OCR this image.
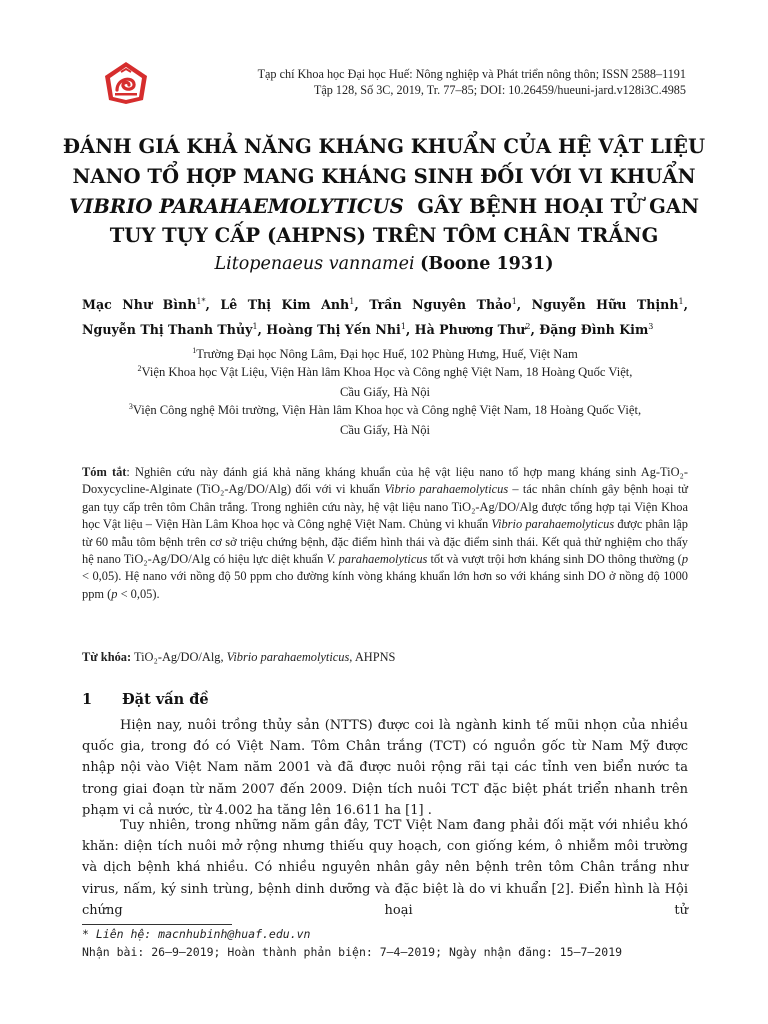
Tạp chí Khoa học Đại học Huế: Nông nghiệp và Phát triển nông thôn; ISSN 2588–1191
Tập 128, Số 3C, 2019, Tr. 77–85; DOI: 10.26459/hueuni-jard.v128i3C.4985
ĐÁNH GIÁ KHẢ NĂNG KHÁNG KHUẨN CỦA HỆ VẬT LIỆU
NANO TỔ HỢP MANG KHÁNG SINH ĐỐI VỚI VI KHUẨN
VIBRIO PARAHAEMOLYTICUS  GÂY BỆNH HOẠI TỬ GAN
TUY TỤY CẤP (AHPNS) TRÊN TÔM CHÂN TRẮNG
Litopenaeus vannamei (Boone 1931)
Mạc Như Bình$^{1*}$, Lê Thị Kim Anh$^1$, Trần Nguyên Thảo$^1$, Nguyễn Hữu Thịnh$^1$,
Nguyễn Thị Thanh Thủy$^1$, Hoàng Thị Yến Nhi$^1$, Hà Phương Thư$^2$, Đặng Đình Kim$^3$
$^1$Trường Đại học Nông Lâm, Đại học Huế, 102 Phùng Hưng, Huế, Việt Nam
$^2$Viện Khoa học Vật Liệu, Viện Hàn lâm Khoa Học và Công nghệ Việt Nam, 18 Hoàng Quốc Việt,
Cầu Giấy, Hà Nội
$^3$Viện Công nghệ Môi trường, Viện Hàn lâm Khoa học và Công nghệ Việt Nam, 18 Hoàng Quốc Việt,
Cầu Giấy, Hà Nội
Tóm tắt: Nghiên cứu này đánh giá khả năng kháng khuẩn của hệ vật liệu nano tổ hợp mang kháng sinh Ag-TiO₂-Doxycycline-Alginate (TiO₂-Ag/DO/Alg) đối với vi khuẩn Vibrio parahaemolyticus – tác nhân chính gây bệnh hoại tử gan tụy cấp trên tôm Chân trắng. Trong nghiên cứu này, hệ vật liệu nano TiO₂-Ag/DO/Alg được tổng hợp tại Viện Khoa học Vật liệu – Viện Hàn Lâm Khoa học và Công nghệ Việt Nam. Chủng vi khuẩn Vibrio parahaemolyticus được phân lập từ 60 mẫu tôm bệnh trên cơ sở triệu chứng bệnh, đặc điểm hình thái và đặc điểm sinh thái. Kết quả thử nghiệm cho thấy hệ nano TiO₂-Ag/DO/Alg có hiệu lực diệt khuẩn V. parahaemolyticus tốt và vượt trội hơn kháng sinh DO thông thường (p < 0,05). Hệ nano với nồng độ 50 ppm cho đường kính vòng kháng khuẩn lớn hơn so với kháng sinh DO ở nồng độ 1000 ppm (p < 0,05).
Từ khóa: TiO₂-Ag/DO/Alg, Vibrio parahaemolyticus, AHPNS
1 Đặt vấn đề
Hiện nay, nuôi trồng thủy sản (NTTS) được coi là ngành kinh tế mũi nhọn của nhiều quốc gia, trong đó có Việt Nam. Tôm Chân trắng (TCT) có nguồn gốc từ Nam Mỹ được nhập nội vào Việt Nam năm 2001 và đã được nuôi rộng rãi tại các tỉnh ven biển nước ta trong giai đoạn từ năm 2007 đến 2009. Diện tích nuôi TCT đặc biệt phát triển nhanh trên phạm vi cả nước, từ 4.002 ha tăng lên 16.611 ha [1] .
Tuy nhiên, trong những năm gần đây, TCT Việt Nam đang phải đối mặt với nhiều khó khăn: diện tích nuôi mở rộng nhưng thiếu quy hoạch, con giống kém, ô nhiễm môi trường và dịch bệnh khá nhiều. Có nhiều nguyên nhân gây nên bệnh trên tôm Chân trắng như virus, nấm, ký sinh trùng, bệnh dinh dưỡng và đặc biệt là do vi khuẩn [2]. Điển hình là Hội chứng hoại tử
* Liên hệ: macnhubinh@huaf.edu.vn
Nhận bài: 26–9–2019; Hoàn thành phản biện: 7–4–2019; Ngày nhận đăng: 15–7–2019
